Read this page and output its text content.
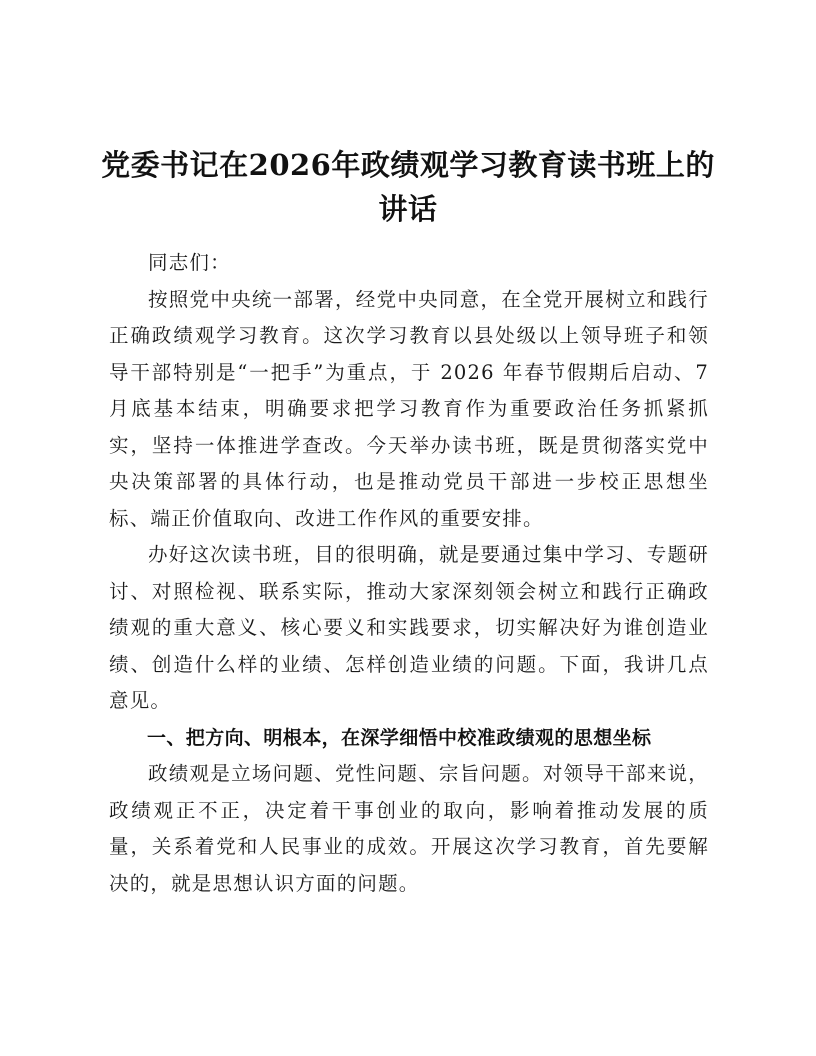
党委书记在2026年政绩观学习教育读书班上的讲话

同志们：

按照党中央统一部署，经党中央同意，在全党开展树立和践行正确政绩观学习教育。这次学习教育以县处级以上领导班子和领导干部特别是“一把手”为重点，于 2026 年春节假期后启动、7月底基本结束，明确要求把学习教育作为重要政治任务抓紧抓实，坚持一体推进学查改。今天举办读书班，既是贯彻落实党中央决策部署的具体行动，也是推动党员干部进一步校正思想坐标、端正价值取向、改进工作作风的重要安排。

办好这次读书班，目的很明确，就是要通过集中学习、专题研讨、对照检视、联系实际，推动大家深刻领会树立和践行正确政绩观的重大意义、核心要义和实践要求，切实解决好为谁创造业绩、创造什么样的业绩、怎样创造业绩的问题。下面，我讲几点意见。

一、把方向、明根本，在深学细悟中校准政绩观的思想坐标

政绩观是立场问题、党性问题、宗旨问题。对领导干部来说，政绩观正不正，决定着干事创业的取向，影响着推动发展的质量，关系着党和人民事业的成效。开展这次学习教育，首先要解决的，就是思想认识方面的问题。
